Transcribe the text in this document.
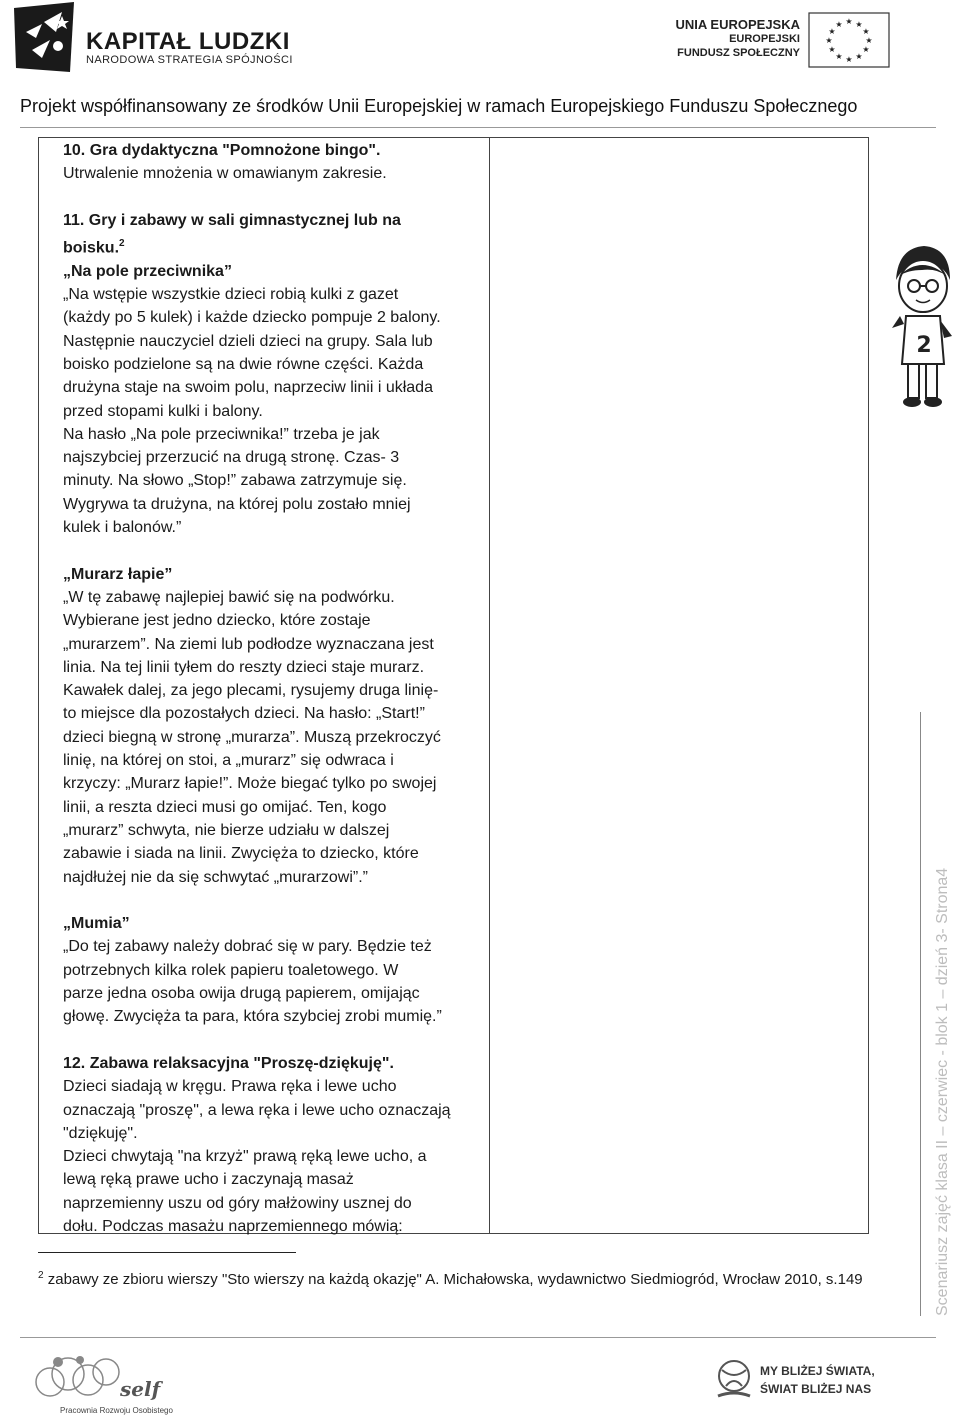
KAPITAŁ LUDZKI
NARODOWA STRATEGIA SPÓJNOŚCI
UNIA EUROPEJSKA
EUROPEJSKI
FUNDUSZ SPOŁECZNY
★ ★
★
★
★
★
★
★
★
★
★
★
Projekt współfinansowany ze środków Unii Europejskiej w ramach Europejskiego Funduszu Społecznego

10. Gra dydaktyczna "Pomnożone bingo".

Utrwalenie mnożenia w omawianym zakresie.

11. Gry i zabawy w sali gimnastycznej lub na

boisku.$^2$

„Na pole przeciwnika”

„Na wstępie wszystkie dzieci robią kulki z gazet

(każdy po 5 kulek) i każde dziecko pompuje 2 balony.

Następnie nauczyciel dzieli dzieci na grupy. Sala lub

boisko podzielone są na dwie równe części. Każda

drużyna staje na swoim polu, naprzeciw linii i układa

przed stopami kulki i balony.

Na hasło „Na pole przeciwnika!” trzeba je jak

najszybciej przerzucić na drugą stronę. Czas- 3

minuty. Na słowo „Stop!” zabawa zatrzymuje się.

Wygrywa ta drużyna, na której polu zostało mniej

kulek i balonów.”

„Murarz łapie”

„W tę zabawę najlepiej bawić się na podwórku.

Wybierane jest jedno dziecko, które zostaje

„murarzem”. Na ziemi lub podłodze wyznaczana jest

linia. Na tej linii tyłem do reszty dzieci staje murarz.

Kawałek dalej, za jego plecami, rysujemy druga linię-

to miejsce dla pozostałych dzieci. Na hasło: „Start!”

dzieci biegną w stronę „murarza”. Muszą przekroczyć

linię, na której on stoi, a „murarz” się odwraca i

krzyczy: „Murarz łapie!”. Może biegać tylko po swojej

linii, a reszta dzieci musi go omijać. Ten, kogo

„murarz” schwyta, nie bierze udziału w dalszej

zabawie i siada na linii. Zwycięża to dziecko, które

najdłużej nie da się schwytać „murarzowi”.”

„Mumia”

„Do tej zabawy należy dobrać się w pary. Będzie też

potrzebnych kilka rolek papieru toaletowego. W

parze jedna osoba owija drugą papierem, omijając

głowę. Zwycięża ta para, która szybciej zrobi mumię.”

12. Zabawa relaksacyjna "Proszę-dziękuję".

Dzieci siadają w kręgu. Prawa ręka i lewe ucho

oznaczają "proszę", a lewa ręka i lewe ucho oznaczają

"dziękuję".

Dzieci chwytają "na krzyż" prawą ręką lewe ucho, a

lewą ręką prawe ucho i zaczynają masaż

naprzemienny uszu od góry małżowiny usznej do

dołu. Podczas masażu naprzemiennego mówią:

2
$^2$ zabawy ze zbioru wierszy "Sto wierszy na każdą okazję" A. Michałowska, wydawnictwo Siedmiogród, Wrocław 2010, s.149	Scenariusz zajęć klasa II – czerwiec - blok 1 – dzień 3- Strona4
self
Pracownia Rozwoju Osobistego
MY BLIŻEJ ŚWIATA,
ŚWIAT BLIŻEJ NAS
